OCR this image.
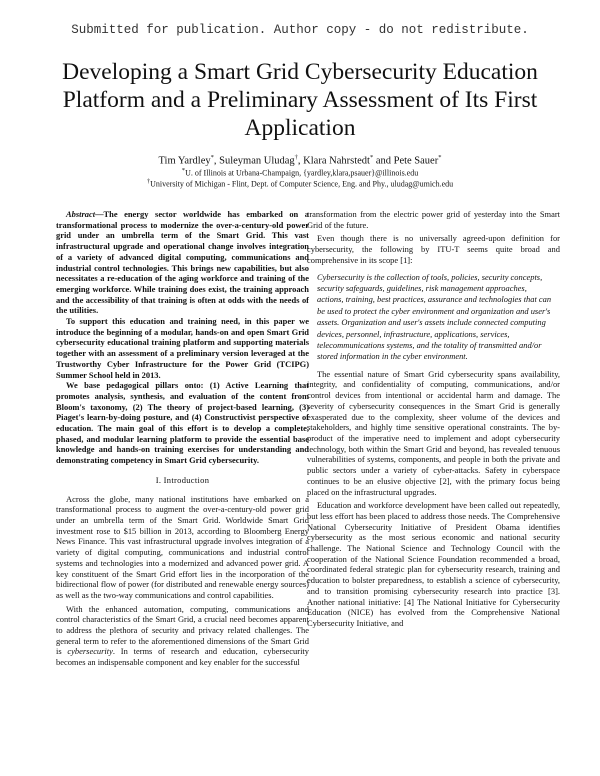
Submitted for publication. Author copy - do not redistribute.
Developing a Smart Grid Cybersecurity Education Platform and a Preliminary Assessment of Its First Application
Tim Yardley*, Suleyman Uludag†, Klara Nahrstedt* and Pete Sauer*
*U. of Illinois at Urbana-Champaign, {yardley,klara,psauer}@illinois.edu
†University of Michigan - Flint, Dept. of Computer Science, Eng. and Phy., uludag@umich.edu

Abstract—The energy sector worldwide has embarked on a transformational process to modernize the over-a-century-old power grid under an umbrella term of the Smart Grid. This vast infrastructural upgrade and operational change involves integration of a variety of advanced digital computing, communications and industrial control technologies. This brings new capabilities, but also necessitates a re-education of the aging workforce and training of the emerging workforce. While training does exist, the training approach and the accessibility of that training is often at odds with the needs of the utilities.

To support this education and training need, in this paper we introduce the beginning of a modular, hands-on and open Smart Grid cybersecurity educational training platform and supporting materials together with an assessment of a preliminary version leveraged at the Trustworthy Cyber Infrastructure for the Power Grid (TCIPG) Summer School held in 2013.

We base pedagogical pillars onto: (1) Active Learning that promotes analysis, synthesis, and evaluation of the content from Bloom's taxonomy, (2) The theory of project-based learning, (3) Piaget's learn-by-doing posture, and (4) Constructivist perspective of education. The main goal of this effort is to develop a complete, phased, and modular learning platform to provide the essential base knowledge and hands-on training exercises for understanding and demonstrating competency in Smart Grid cybersecurity.

I. Introduction

Across the globe, many national institutions have embarked on a transformational process to augment the over-a-century-old power grid under an umbrella term of the Smart Grid. Worldwide Smart Grid investment rose to $15 billion in 2013, according to Bloomberg Energy News Finance. This vast infrastructural upgrade involves integration of a variety of digital computing, communications and industrial control systems and technologies into a modernized and advanced power grid. A key constituent of the Smart Grid effort lies in the incorporation of the bidirectional flow of power (for distributed and renewable energy sources) as well as the two-way communications and control capabilities.

With the enhanced automation, computing, communications and control characteristics of the Smart Grid, a crucial need becomes apparent to address the plethora of security and privacy related challenges. The general term to refer to the aforementioned dimensions of the Smart Grid is cybersecurity. In terms of research and education, cybersecurity becomes an indispensable component and key enabler for the successful

transformation from the electric power grid of yesterday into the Smart Grid of the future.

Even though there is no universally agreed-upon definition for cybersecurity, the following by ITU-T seems quite broad and comprehensive in its scope [1]:

Cybersecurity is the collection of tools, policies, security concepts, security safeguards, guidelines, risk management approaches, actions, training, best practices, assurance and technologies that can be used to protect the cyber environment and organization and user's assets. Organization and user's assets include connected computing devices, personnel, infrastructure, applications, services, telecommunications systems, and the totality of transmitted and/or stored information in the cyber environment.

The essential nature of Smart Grid cybersecurity spans availability, integrity, and confidentiality of computing, communications, and/or control devices from intentional or accidental harm and damage. The severity of cybersecurity consequences in the Smart Grid is generally exasperated due to the complexity, sheer volume of the devices and stakeholders, and highly time sensitive operational constraints. The by-product of the imperative need to implement and adopt cybersecurity technology, both within the Smart Grid and beyond, has revealed tenuous vulnerabilities of systems, components, and people in both the private and public sectors under a variety of cyber-attacks. Safety in cyberspace continues to be an elusive objective [2], with the primary focus being placed on the infrastructural upgrades.

Education and workforce development have been called out repeatedly, but less effort has been placed to address those needs. The Comprehensive National Cybersecurity Initiative of President Obama identifies cybersecurity as the most serious economic and national security challenge. The National Science and Technology Council with the cooperation of the National Science Foundation recommended a broad, coordinated federal strategic plan for cybersecurity research, training and education to bolster preparedness, to establish a science of cybersecurity, and to transition promising cybersecurity research into practice [3]. Another national initiative: [4] The National Initiative for Cybersecurity Education (NICE) has evolved from the Comprehensive National Cybersecurity Initiative, and
